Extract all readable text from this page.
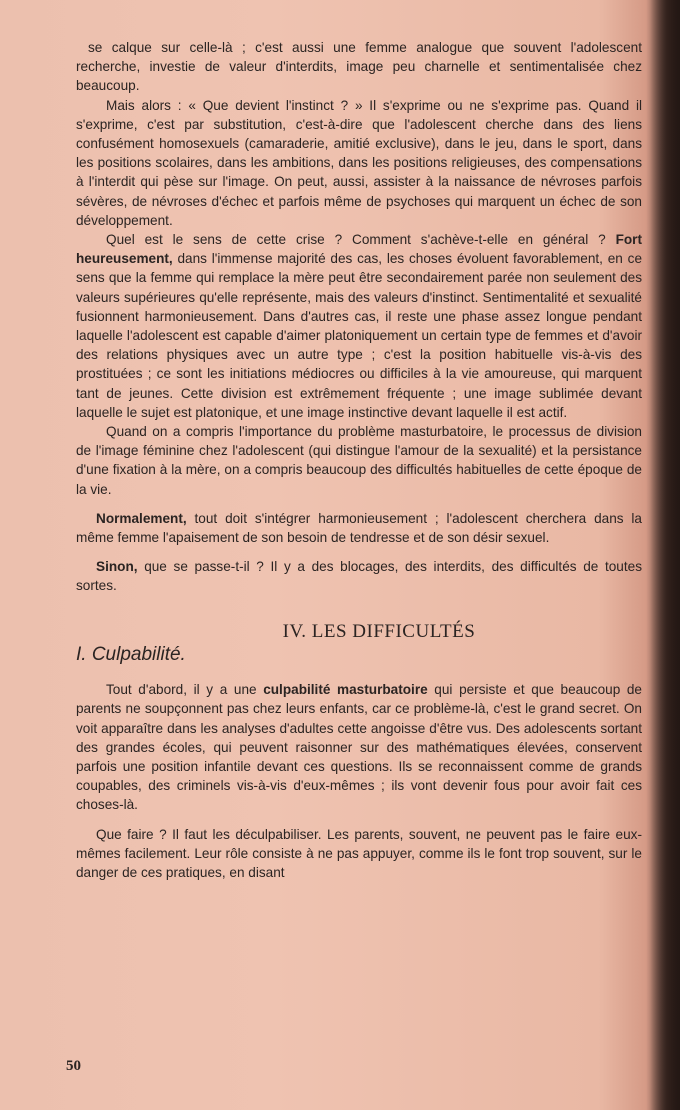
se calque sur celle-là ; c'est aussi une femme analogue que souvent l'adolescent recherche, investie de valeur d'interdits, image peu charnelle et sentimentalisée chez beaucoup.

Mais alors : « Que devient l'instinct ? » Il s'exprime ou ne s'exprime pas. Quand il s'exprime, c'est par substitution, c'est-à-dire que l'adolescent cherche dans des liens confusément homosexuels (camaraderie, amitié exclusive), dans le jeu, dans le sport, dans les positions scolaires, dans les ambitions, dans les positions religieuses, des compensations à l'interdit qui pèse sur l'image. On peut, aussi, assister à la naissance de névroses parfois sévères, de névroses d'échec et parfois même de psychoses qui marquent un échec de son développement.

Quel est le sens de cette crise ? Comment s'achève-t-elle en général ? Fort heureusement, dans l'immense majorité des cas, les choses évoluent favorablement, en ce sens que la femme qui remplace la mère peut être secondairement parée non seulement des valeurs supérieures qu'elle représente, mais des valeurs d'instinct. Sentimentalité et sexualité fusionnent harmonieusement. Dans d'autres cas, il reste une phase assez longue pendant laquelle l'adolescent est capable d'aimer platoniquement un certain type de femmes et d'avoir des relations physiques avec un autre type ; c'est la position habituelle vis-à-vis des prostituées ; ce sont les initiations médiocres ou difficiles à la vie amoureuse, qui marquent tant de jeunes. Cette division est extrêmement fréquente ; une image sublimée devant laquelle le sujet est platonique, et une image instinctive devant laquelle il est actif.

Quand on a compris l'importance du problème masturbatoire, le processus de division de l'image féminine chez l'adolescent (qui distingue l'amour de la sexualité) et la persistance d'une fixation à la mère, on a compris beaucoup des difficultés habituelles de cette époque de la vie.

Normalement, tout doit s'intégrer harmonieusement ; l'adolescent cherchera dans la même femme l'apaisement de son besoin de tendresse et de son désir sexuel.

Sinon, que se passe-t-il ? Il y a des blocages, des interdits, des difficultés de toutes sortes.

IV. LES DIFFICULTÉS

I. Culpabilité.

Tout d'abord, il y a une culpabilité masturbatoire qui persiste et que beaucoup de parents ne soupçonnent pas chez leurs enfants, car ce problème-là, c'est le grand secret. On voit apparaître dans les analyses d'adultes cette angoisse d'être vus. Des adolescents sortant des grandes écoles, qui peuvent raisonner sur des mathématiques élevées, conservent parfois une position infantile devant ces questions. Ils se reconnaissent comme de grands coupables, des criminels vis-à-vis d'eux-mêmes ; ils vont devenir fous pour avoir fait ces choses-là.

Que faire ? Il faut les déculpabiliser. Les parents, souvent, ne peuvent pas le faire eux-mêmes facilement. Leur rôle consiste à ne pas appuyer, comme ils le font trop souvent, sur le danger de ces pratiques, en disant

50
